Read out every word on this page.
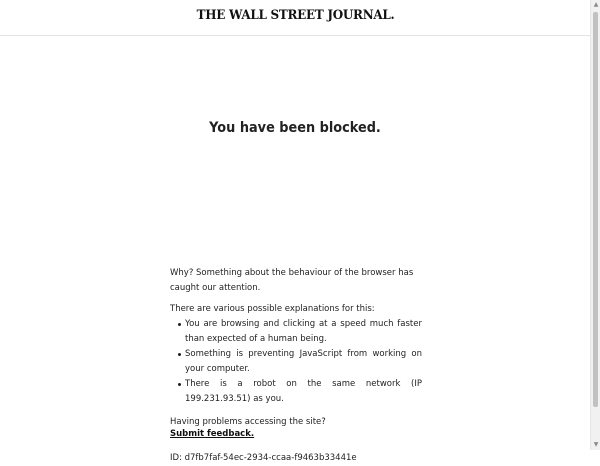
THE WALL STREET JOURNAL.
You have been blocked.

Why? Something about the behaviour of the browser has caught our attention.

There are various possible explanations for this:

You are browsing and clicking at a speed much faster than expected of a human being.
Something is preventing JavaScript from working on your computer.
There is a robot on the same network (IP 199.231.93.51) as you.

Having problems accessing the site?

Submit feedback.

ID: d7fb7faf-54ec-2934-ccaa-f9463b33441e

▲
▼
